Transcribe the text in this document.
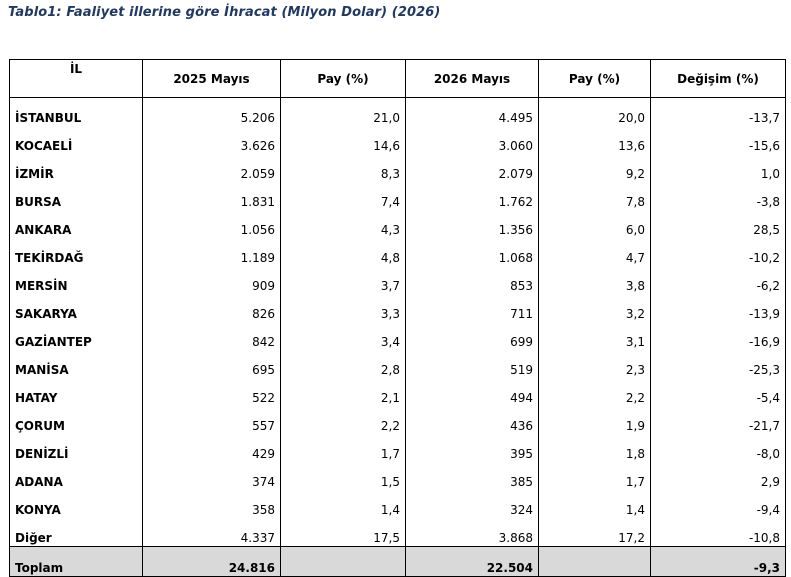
Tablo1: Faaliyet illerine göre İhracat (Milyon Dolar) (2026)
İL	2025 Mayıs	Pay (%)	2026 Mayıs	Pay (%)	Değişim (%)
İSTANBUL	5.206	21,0	4.495	20,0	-13,7
KOCAELİ	3.626	14,6	3.060	13,6	-15,6
İZMİR	2.059	8,3	2.079	9,2	1,0
BURSA	1.831	7,4	1.762	7,8	-3,8
ANKARA	1.056	4,3	1.356	6,0	28,5
TEKİRDAĞ	1.189	4,8	1.068	4,7	-10,2
MERSİN	909	3,7	853	3,8	-6,2
SAKARYA	826	3,3	711	3,2	-13,9
GAZİANTEP	842	3,4	699	3,1	-16,9
MANİSA	695	2,8	519	2,3	-25,3
HATAY	522	2,1	494	2,2	-5,4
ÇORUM	557	2,2	436	1,9	-21,7
DENİZLİ	429	1,7	395	1,8	-8,0
ADANA	374	1,5	385	1,7	2,9
KONYA	358	1,4	324	1,4	-9,4
Diğer	4.337	17,5	3.868	17,2	-10,8
Toplam	24.816		22.504		-9,3
